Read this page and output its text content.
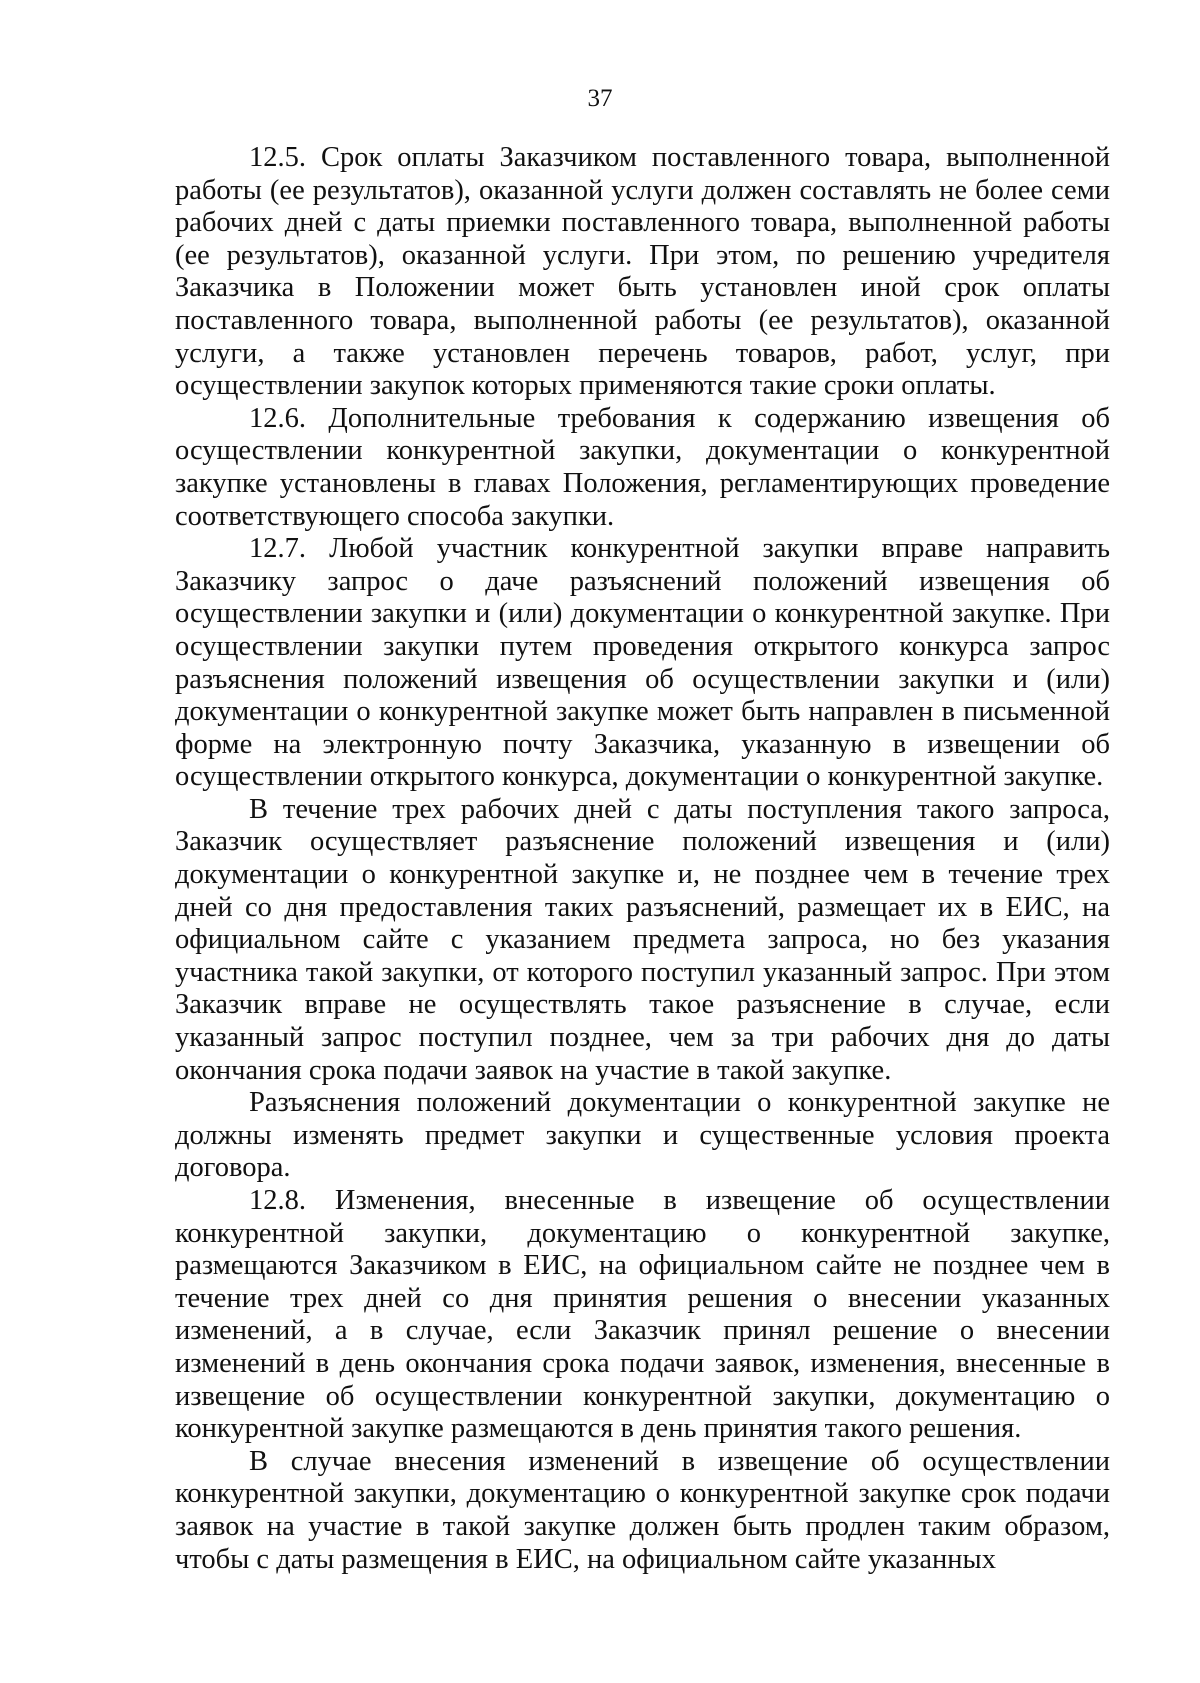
37

12.5. Срок оплаты Заказчиком поставленного товара, выполненной работы (ее результатов), оказанной услуги должен составлять не более семи рабочих дней с даты приемки поставленного товара, выполненной работы (ее результатов), оказанной услуги. При этом, по решению учредителя Заказчика в Положении может быть установлен иной срок оплаты поставленного товара, выполненной работы (ее результатов), оказанной услуги, а также установлен перечень товаров, работ, услуг, при осуществлении закупок которых применяются такие сроки оплаты.

12.6. Дополнительные требования к содержанию извещения об осуществлении конкурентной закупки, документации о конкурентной закупке установлены в главах Положения, регламентирующих проведение соответствующего способа закупки.

12.7. Любой участник конкурентной закупки вправе направить Заказчику запрос о даче разъяснений положений извещения об осуществлении закупки и (или) документации о конкурентной закупке. При осуществлении закупки путем проведения открытого конкурса запрос разъяснения положений извещения об осуществлении закупки и (или) документации о конкурентной закупке может быть направлен в письменной форме на электронную почту Заказчика, указанную в извещении об осуществлении открытого конкурса, документации о конкурентной закупке.

В течение трех рабочих дней с даты поступления такого запроса, Заказчик осуществляет разъяснение положений извещения и (или) документации о конкурентной закупке и, не позднее чем в течение трех дней со дня предоставления таких разъяснений, размещает их в ЕИС, на официальном сайте с указанием предмета запроса, но без указания участника такой закупки, от которого поступил указанный запрос. При этом Заказчик вправе не осуществлять такое разъяснение в случае, если указанный запрос поступил позднее, чем за три рабочих дня до даты окончания срока подачи заявок на участие в такой закупке.

Разъяснения положений документации о конкурентной закупке не должны изменять предмет закупки и существенные условия проекта договора.

12.8. Изменения, внесенные в извещение об осуществлении конкурентной закупки, документацию о конкурентной закупке, размещаются Заказчиком в ЕИС, на официальном сайте не позднее чем в течение трех дней со дня принятия решения о внесении указанных изменений, а в случае, если Заказчик принял решение о внесении изменений в день окончания срока подачи заявок, изменения, внесенные в извещение об осуществлении конкурентной закупки, документацию о конкурентной закупке размещаются в день принятия такого решения.

В случае внесения изменений в извещение об осуществлении конкурентной закупки, документацию о конкурентной закупке срок подачи заявок на участие в такой закупке должен быть продлен таким образом, чтобы с даты размещения в ЕИС, на официальном сайте указанных
